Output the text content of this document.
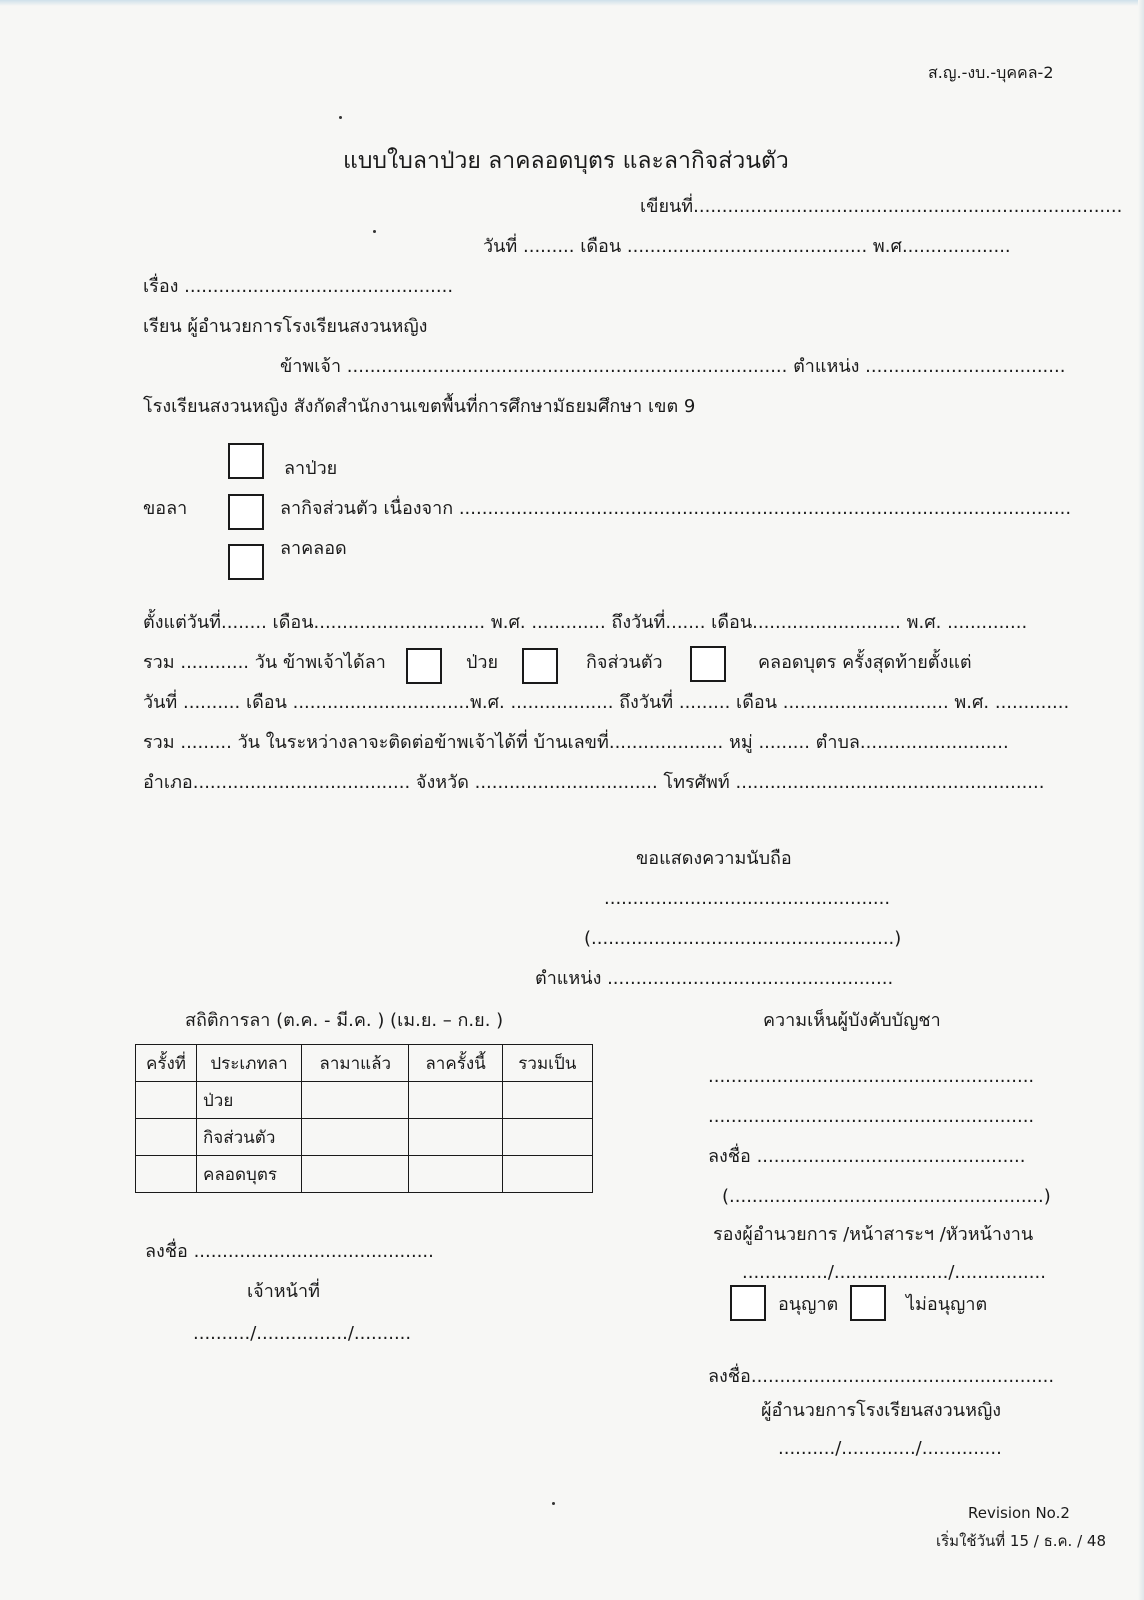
ส.ญ.-งบ.-บุคคล-2
แบบใบลาป่วย ลาคลอดบุตร และลากิจส่วนตัว
เขียนที่...........................................................................
วันที่ ......... เดือน .......................................... พ.ศ...................
เรื่อง ...............................................
เรียน ผู้อำนวยการโรงเรียนสงวนหญิง
ข้าพเจ้า ............................................................................. ตำแหน่ง ...................................
โรงเรียนสงวนหญิง สังกัดสำนักงานเขตพื้นที่การศึกษามัธยมศึกษา เขต 9
ลาป่วย
ขอลา	ลากิจส่วนตัว เนื่องจาก ...........................................................................................................
ลาคลอด
ตั้งแต่วันที่........ เดือน.............................. พ.ศ. ............. ถึงวันที่....... เดือน.......................... พ.ศ. ..............
รวม ............ วัน ข้าพเจ้าได้ลา	ป่วย	กิจส่วนตัว	คลอดบุตร ครั้งสุดท้ายตั้งแต่
วันที่ .......... เดือน ...............................พ.ศ. .................. ถึงวันที่ ......... เดือน ............................. พ.ศ. .............
รวม ......... วัน ในระหว่างลาจะติดต่อข้าพเจ้าได้ที่ บ้านเลขที่.................... หมู่ ......... ตำบล..........................
อำเภอ...................................... จังหวัด ................................ โทรศัพท์ ......................................................
ขอแสดงความนับถือ
..................................................
(.....................................................)
ตำแหน่ง ..................................................
สถิติการลา (ต.ค. - มี.ค. ) (เม.ย. – ก.ย. )
ครั้งที่	ประเภทลา	ลามาแล้ว	ลาครั้งนี้	รวมเป็น
	ป่วย			
	กิจส่วนตัว			
	คลอดบุตร			
ลงชื่อ ..........................................
เจ้าหน้าที่
........../................/..........
ความเห็นผู้บังคับบัญชา
.........................................................
.........................................................
ลงชื่อ ...............................................
(.......................................................)
รองผู้อำนวยการ /หน้าสาระฯ /หัวหน้างาน
.............../..................../................
อนุญาต	ไม่อนุญาต
ลงชื่อ.....................................................
ผู้อำนวยการโรงเรียนสงวนหญิง
........../............./..............
Revision No.2
เริ่มใช้วันที่ 15 / ธ.ค. / 48
